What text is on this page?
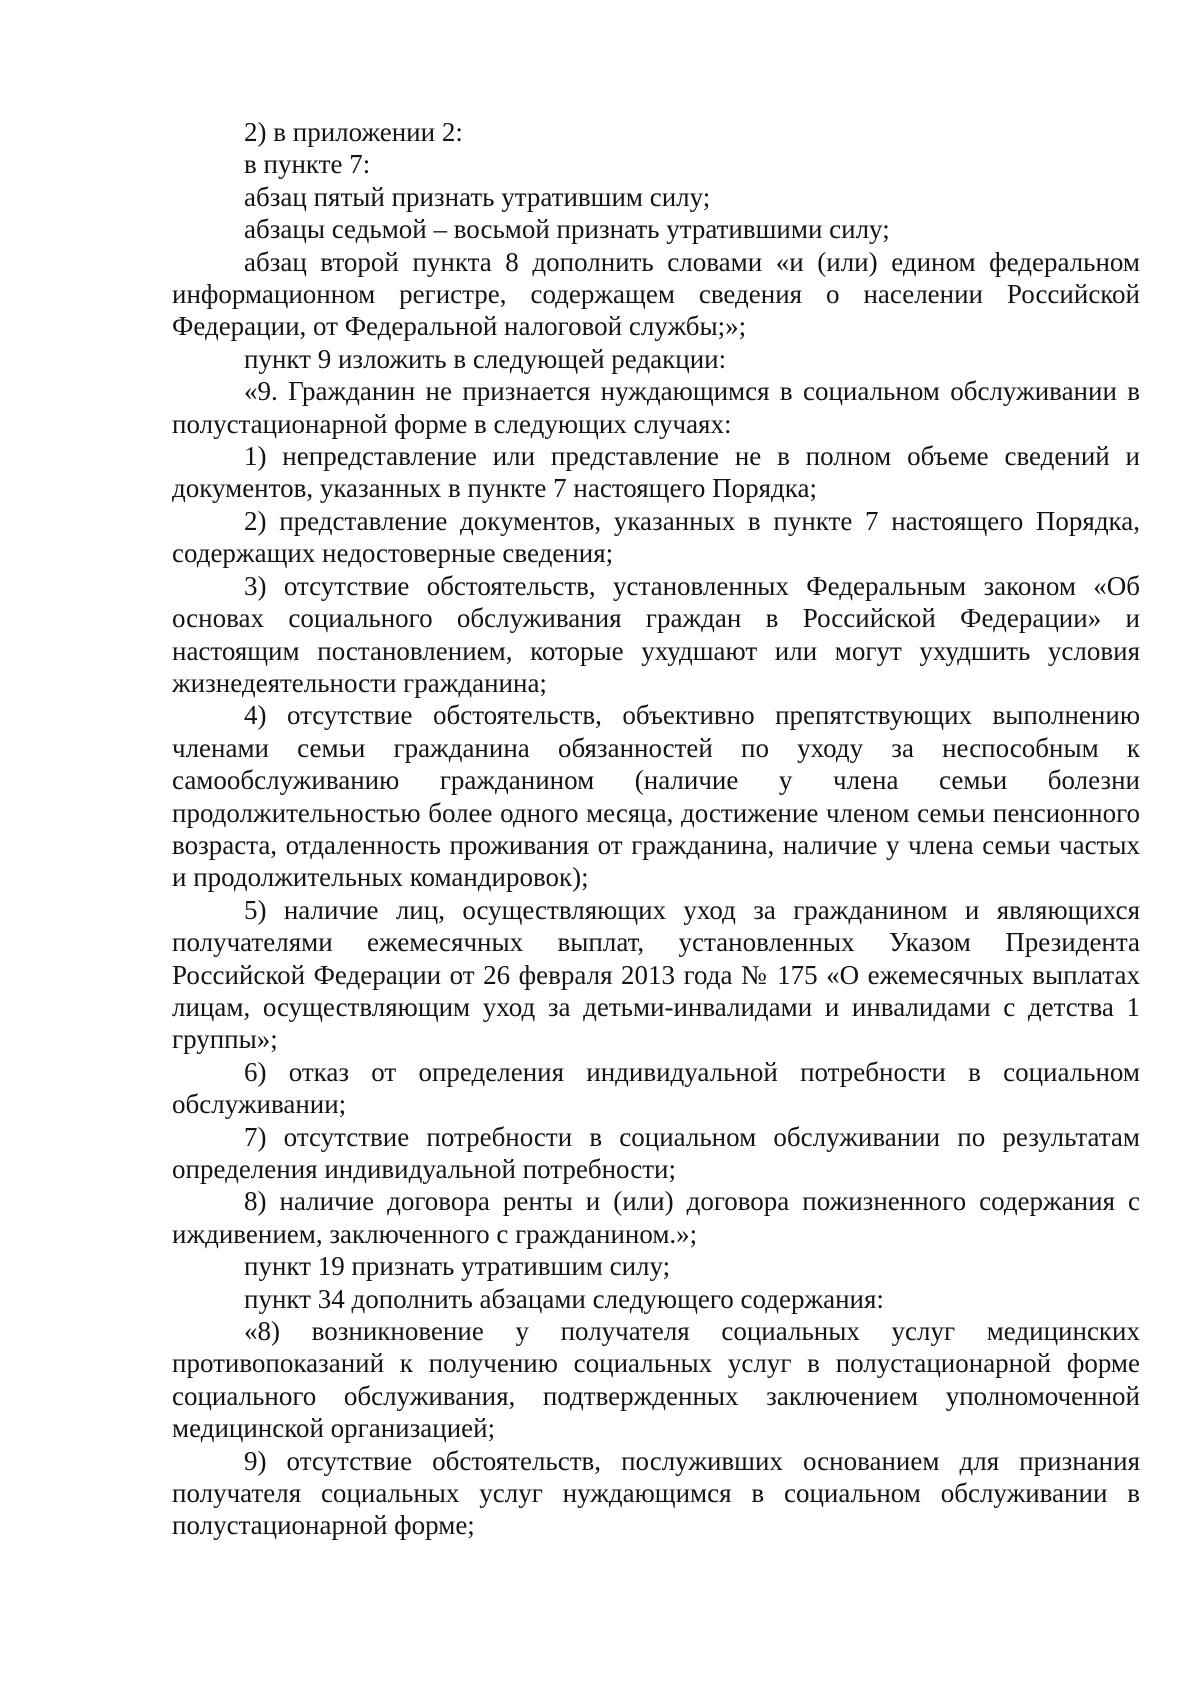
2) в приложении 2:

в пункте 7:

абзац пятый признать утратившим силу;

абзацы седьмой – восьмой признать утратившими силу;

абзац второй пункта 8 дополнить словами «и (или) едином федеральном информационном регистре, содержащем сведения о населении Российской Федерации, от Федеральной налоговой службы;»;

пункт 9 изложить в следующей редакции:

«9. Гражданин не признается нуждающимся в социальном обслуживании в полустационарной форме в следующих случаях:

1) непредставление или представление не в полном объеме сведений и документов, указанных в пункте 7 настоящего Порядка;

2) представление документов, указанных в пункте 7 настоящего Порядка, содержащих недостоверные сведения;

3) отсутствие обстоятельств, установленных Федеральным законом «Об основах социального обслуживания граждан в Российской Федерации» и настоящим постановлением, которые ухудшают или могут ухудшить условия жизнедеятельности гражданина;

4) отсутствие обстоятельств, объективно препятствующих выполнению членами семьи гражданина обязанностей по уходу за неспособным к самообслуживанию гражданином (наличие у члена семьи болезни продолжительностью более одного месяца, достижение членом семьи пенсионного возраста, отдаленность проживания от гражданина, наличие у члена семьи частых и продолжительных командировок);

5) наличие лиц, осуществляющих уход за гражданином и являющихся получателями ежемесячных выплат, установленных Указом Президента Российской Федерации от 26 февраля 2013 года № 175 «О ежемесячных выплатах лицам, осуществляющим уход за детьми-инвалидами и инвалидами с детства 1 группы»;

6) отказ от определения индивидуальной потребности в социальном обслуживании;

7) отсутствие потребности в социальном обслуживании по результатам определения индивидуальной потребности;

8) наличие договора ренты и (или) договора пожизненного содержания с иждивением, заключенного с гражданином.»;

пункт 19 признать утратившим силу;

пункт 34 дополнить абзацами следующего содержания:

«8) возникновение у получателя социальных услуг медицинских противопоказаний к получению социальных услуг в полустационарной форме социального обслуживания, подтвержденных заключением уполномоченной медицинской организацией;

9) отсутствие обстоятельств, послуживших основанием для признания получателя социальных услуг нуждающимся в социальном обслуживании в полустационарной форме;
